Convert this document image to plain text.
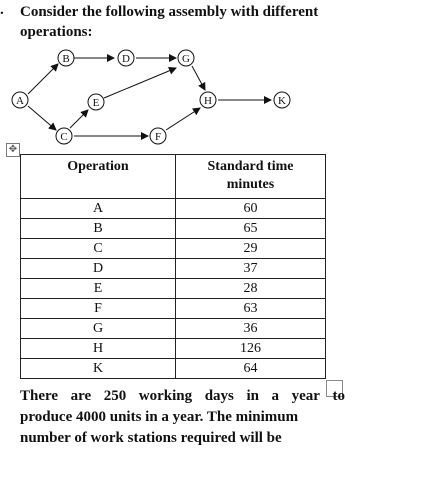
. Consider the following assembly with different
operations:
A
B
C
D
E
F
G
H	K
✥
Operation	Standard time
minutes
A	60
B	65
C	29
D	37
E	28
F	63
G	36
H	126
K	64
There are 250 working days in a year to
produce 4000 units in a year. The minimum
number of work stations required will be
